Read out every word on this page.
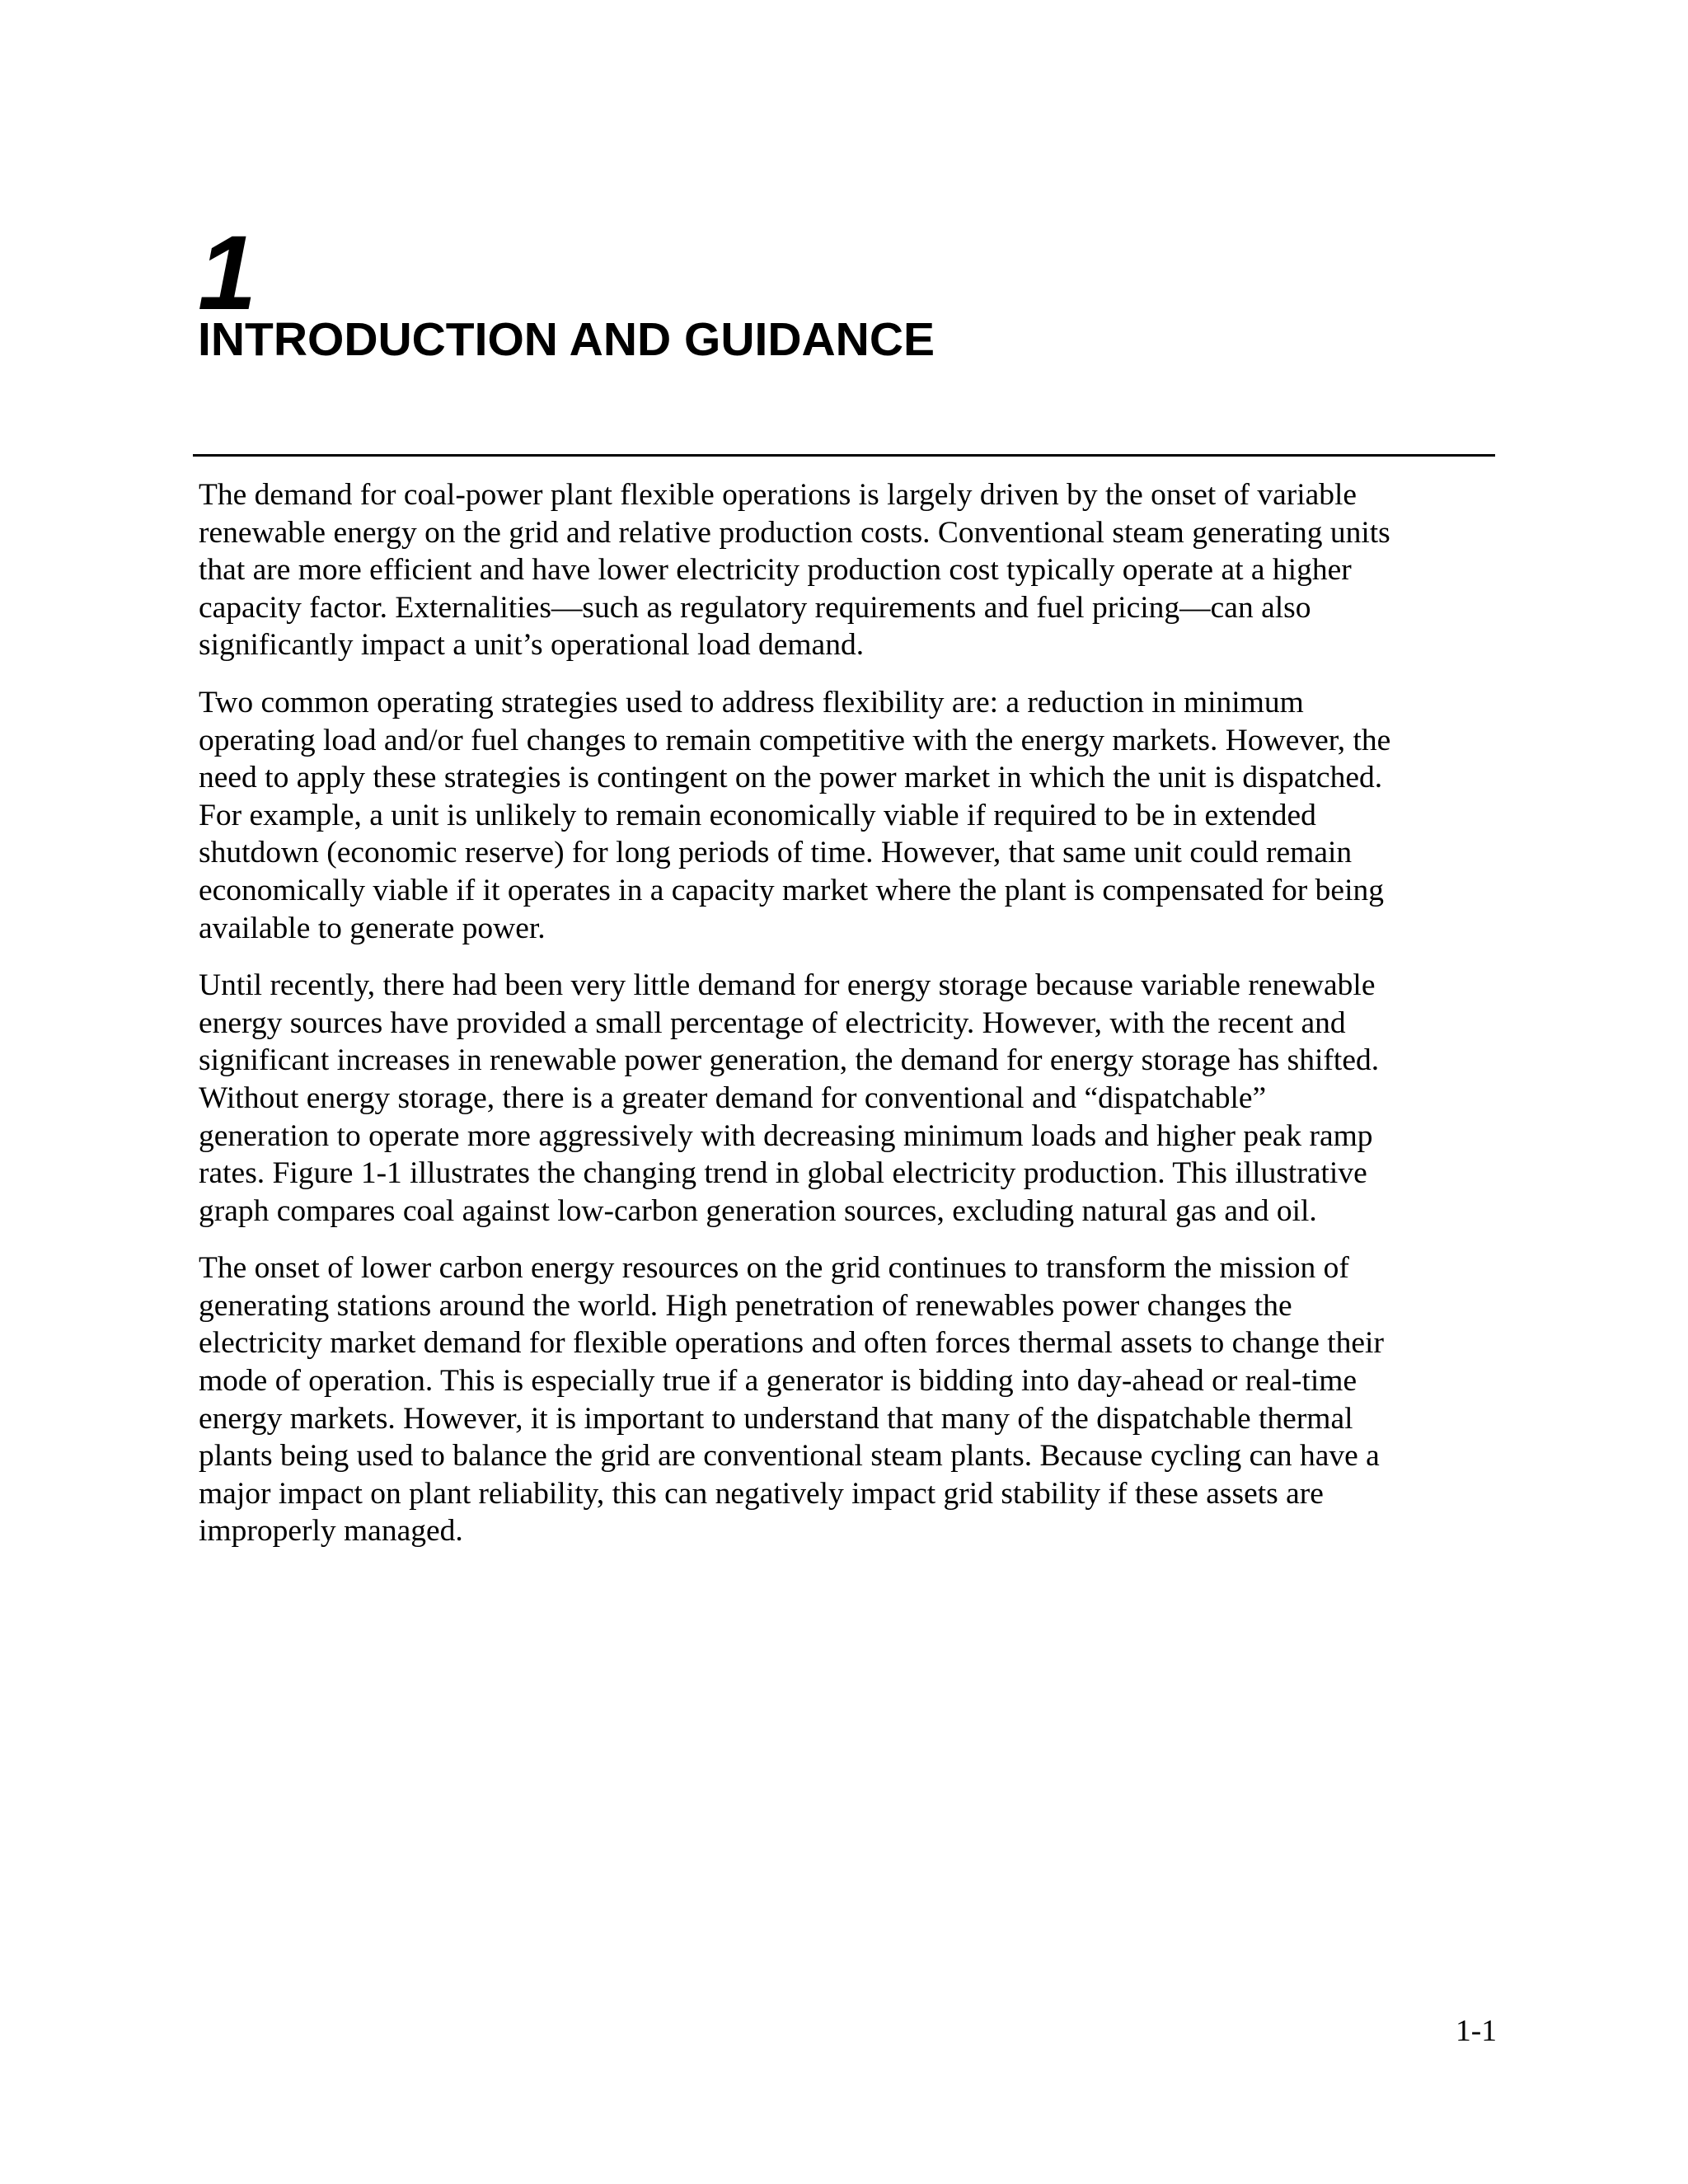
1
INTRODUCTION AND GUIDANCE

The demand for coal-power plant flexible operations is largely driven by the onset of variable
renewable energy on the grid and relative production costs. Conventional steam generating units
that are more efficient and have lower electricity production cost typically operate at a higher
capacity factor. Externalities—such as regulatory requirements and fuel pricing—can also
significantly impact a unit’s operational load demand.

Two common operating strategies used to address flexibility are: a reduction in minimum
operating load and/or fuel changes to remain competitive with the energy markets. However, the
need to apply these strategies is contingent on the power market in which the unit is dispatched.
For example, a unit is unlikely to remain economically viable if required to be in extended
shutdown (economic reserve) for long periods of time. However, that same unit could remain
economically viable if it operates in a capacity market where the plant is compensated for being
available to generate power.

Until recently, there had been very little demand for energy storage because variable renewable
energy sources have provided a small percentage of electricity. However, with the recent and
significant increases in renewable power generation, the demand for energy storage has shifted.
Without energy storage, there is a greater demand for conventional and “dispatchable”
generation to operate more aggressively with decreasing minimum loads and higher peak ramp
rates. Figure 1-1 illustrates the changing trend in global electricity production. This illustrative
graph compares coal against low-carbon generation sources, excluding natural gas and oil.

The onset of lower carbon energy resources on the grid continues to transform the mission of
generating stations around the world. High penetration of renewables power changes the
electricity market demand for flexible operations and often forces thermal assets to change their
mode of operation. This is especially true if a generator is bidding into day-ahead or real-time
energy markets. However, it is important to understand that many of the dispatchable thermal
plants being used to balance the grid are conventional steam plants. Because cycling can have a
major impact on plant reliability, this can negatively impact grid stability if these assets are
improperly managed.

1-1
